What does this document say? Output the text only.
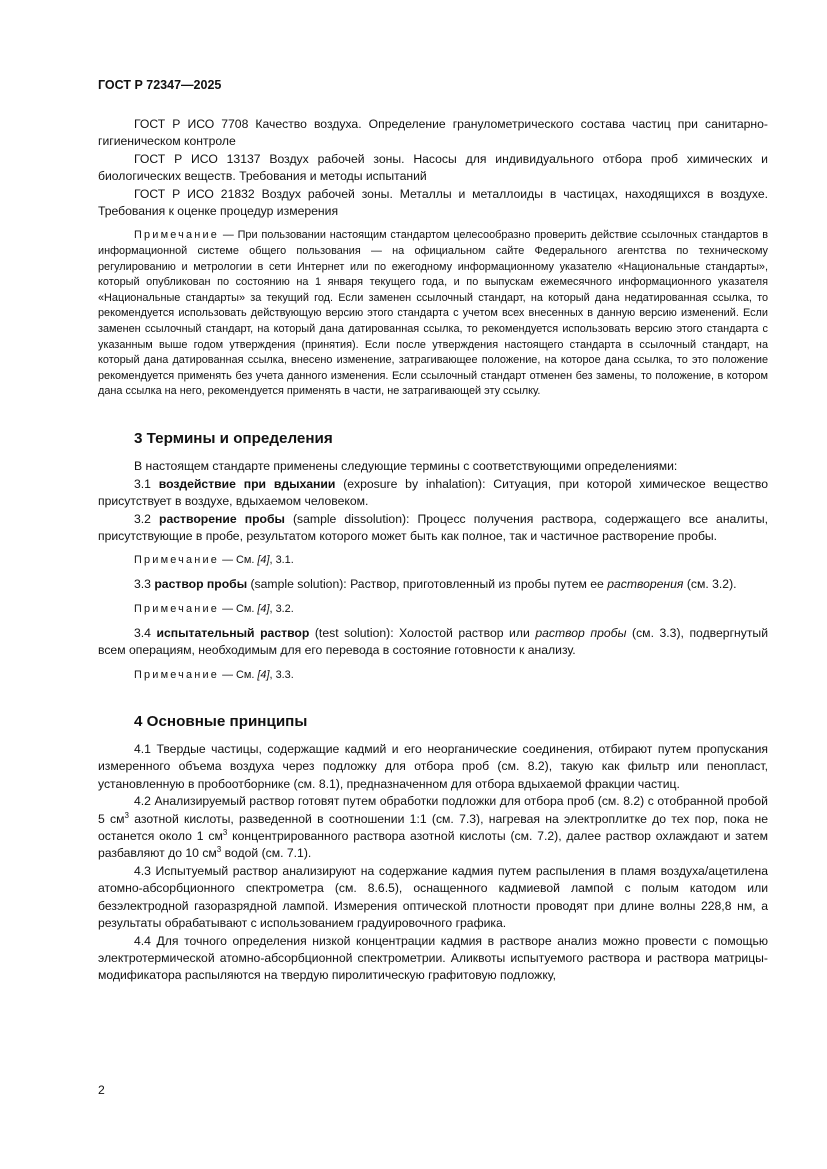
ГОСТ Р 72347—2025

ГОСТ Р ИСО 7708 Качество воздуха. Определение гранулометрического состава частиц при санитарно-гигиеническом контроле

ГОСТ Р ИСО 13137 Воздух рабочей зоны. Насосы для индивидуального отбора проб химических и биологических веществ. Требования и методы испытаний

ГОСТ Р ИСО 21832 Воздух рабочей зоны. Металлы и металлоиды в частицах, находящихся в воздухе. Требования к оценке процедур измерения

Примечание — При пользовании настоящим стандартом целесообразно проверить действие ссылочных стандартов в информационной системе общего пользования — на официальном сайте Федерального агентства по техническому регулированию и метрологии в сети Интернет или по ежегодному информационному указателю «Национальные стандарты», который опубликован по состоянию на 1 января текущего года, и по выпускам ежемесячного информационного указателя «Национальные стандарты» за текущий год. Если заменен ссылочный стандарт, на который дана недатированная ссылка, то рекомендуется использовать действующую версию этого стандарта с учетом всех внесенных в данную версию изменений. Если заменен ссылочный стандарт, на который дана датированная ссылка, то рекомендуется использовать версию этого стандарта с указанным выше годом утверждения (принятия). Если после утверждения настоящего стандарта в ссылочный стандарт, на который дана датированная ссылка, внесено изменение, затрагивающее положение, на которое дана ссылка, то это положение рекомендуется применять без учета данного изменения. Если ссылочный стандарт отменен без замены, то положение, в котором дана ссылка на него, рекомендуется применять в части, не затрагивающей эту ссылку.

3 Термины и определения

В настоящем стандарте применены следующие термины с соответствующими определениями:

3.1 воздействие при вдыхании (exposure by inhalation): Ситуация, при которой химическое вещество присутствует в воздухе, вдыхаемом человеком.

3.2 растворение пробы (sample dissolution): Процесс получения раствора, содержащего все аналиты, присутствующие в пробе, результатом которого может быть как полное, так и частичное растворение пробы.

Примечание — См. [4], 3.1.

3.3 раствор пробы (sample solution): Раствор, приготовленный из пробы путем ее растворения (см. 3.2).

Примечание — См. [4], 3.2.

3.4 испытательный раствор (test solution): Холостой раствор или раствор пробы (см. 3.3), подвергнутый всем операциям, необходимым для его перевода в состояние готовности к анализу.

Примечание — См. [4], 3.3.

4 Основные принципы

4.1 Твердые частицы, содержащие кадмий и его неорганические соединения, отбирают путем пропускания измеренного объема воздуха через подложку для отбора проб (см. 8.2), такую как фильтр или пенопласт, установленную в пробоотборнике (см. 8.1), предназначенном для отбора вдыхаемой фракции частиц.

4.2 Анализируемый раствор готовят путем обработки подложки для отбора проб (см. 8.2) с отобранной пробой 5 $см^3$ азотной кислоты, разведенной в соотношении 1:1 (см. 7.3), нагревая на электроплитке до тех пор, пока не останется около 1 $см^3$ концентрированного раствора азотной кислоты (см. 7.2), далее раствор охлаждают и затем разбавляют до 10 $см^3$ водой (см. 7.1).

4.3 Испытуемый раствор анализируют на содержание кадмия путем распыления в пламя воздуха/ацетилена атомно-абсорбционного спектрометра (см. 8.6.5), оснащенного кадмиевой лампой с полым катодом или безэлектродной газоразрядной лампой. Измерения оптической плотности проводят при длине волны 228,8 нм, а результаты обрабатывают с использованием градуировочного графика.

4.4 Для точного определения низкой концентрации кадмия в растворе анализ можно провести с помощью электротермической атомно-абсорбционной спектрометрии. Аликвоты испытуемого раствора и раствора матрицы-модификатора распыляются на твердую пиролитическую графитовую подложку,

2
